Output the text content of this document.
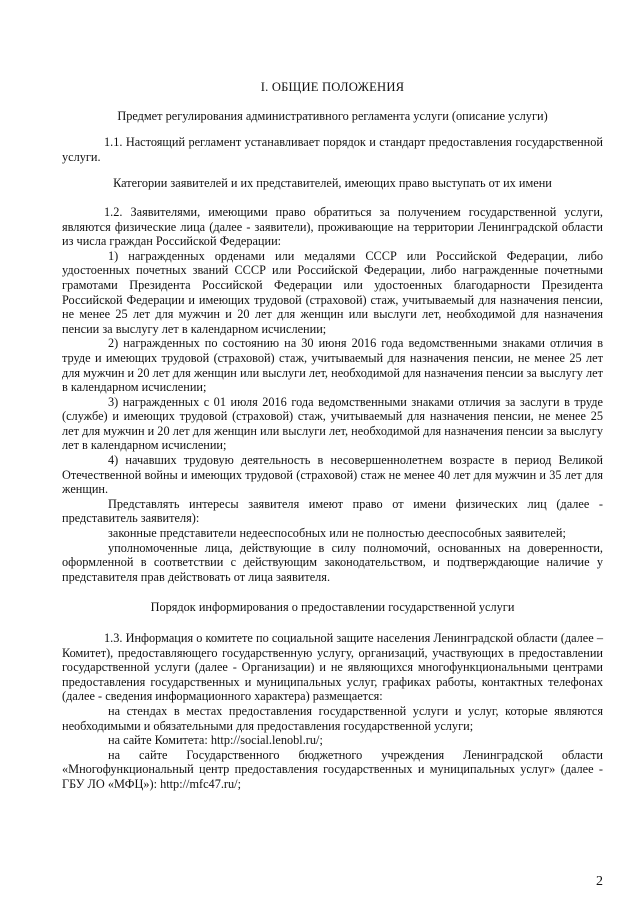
I. ОБЩИЕ ПОЛОЖЕНИЯ
Предмет регулирования административного регламента услуги (описание услуги)

1.1. Настоящий регламент устанавливает порядок и стандарт предоставления государственной услуги.

Категории заявителей и их представителей, имеющих право выступать от их имени

1.2. Заявителями, имеющими право обратиться за получением государственной услуги, являются физические лица (далее - заявители), проживающие на территории Ленинградской области из числа граждан Российской Федерации:

1) награжденных орденами или медалями СССР или Российской Федерации, либо удостоенных почетных званий СССР или Российской Федерации, либо награжденные почетными грамотами Президента Российской Федерации или удостоенных благодарности Президента Российской Федерации и имеющих трудовой (страховой) стаж, учитываемый для назначения пенсии, не менее 25 лет для мужчин и 20 лет для женщин или выслуги лет, необходимой для назначения пенсии за выслугу лет в календарном исчислении;

2) награжденных по состоянию на 30 июня 2016 года ведомственными знаками отличия в труде и имеющих трудовой (страховой) стаж, учитываемый для назначения пенсии, не менее 25 лет для мужчин и 20 лет для женщин или выслуги лет, необходимой для назначения пенсии за выслугу лет в календарном исчислении;

3) награжденных с 01 июля 2016 года ведомственными знаками отличия за заслуги в труде (службе) и имеющих трудовой (страховой) стаж, учитываемый для назначения пенсии, не менее 25 лет для мужчин и 20 лет для женщин или выслуги лет, необходимой для назначения пенсии за выслугу лет в календарном исчислении;

4) начавших трудовую деятельность в несовершеннолетнем возрасте в период Великой Отечественной войны и имеющих трудовой (страховой) стаж не менее 40 лет для мужчин и 35 лет для женщин.

Представлять интересы заявителя имеют право от имени физических лиц (далее - представитель заявителя):

законные представители недееспособных или не полностью дееспособных заявителей;

уполномоченные лица, действующие в силу полномочий, основанных на доверенности, оформленной в соответствии с действующим законодательством, и подтверждающие наличие у представителя прав действовать от лица заявителя.

Порядок информирования о предоставлении государственной услуги

1.3. Информация о комитете по социальной защите населения Ленинградской области (далее – Комитет), предоставляющего государственную услугу, организаций, участвующих в предоставлении государственной услуги (далее - Организации) и не являющихся многофункциональными центрами предоставления государственных и муниципальных услуг, графиках работы, контактных телефонах (далее - сведения информационного характера) размещается:

на стендах в местах предоставления государственной услуги и услуг, которые являются необходимыми и обязательными для предоставления государственной услуги;

на сайте Комитета: http://social.lenobl.ru/;

на сайте Государственного бюджетного учреждения Ленинградской области «Многофункциональный центр предоставления государственных и муниципальных услуг» (далее - ГБУ ЛО «МФЦ»): http://mfc47.ru/;

2
